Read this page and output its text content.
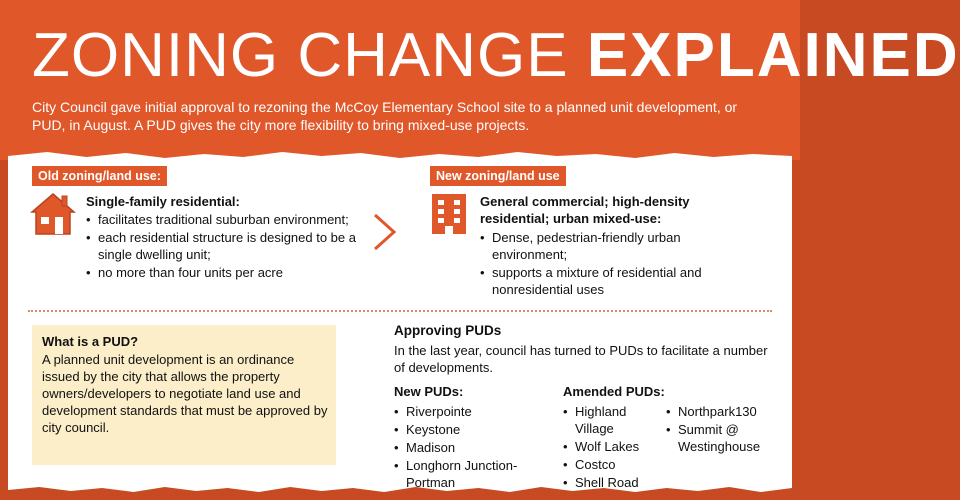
ZONING CHANGE EXPLAINED
City Council gave initial approval to rezoning the McCoy Elementary School site to a planned unit development, or PUD, in August. A PUD gives the city more flexibility to bring mixed-use projects.
Old zoning/land use:
Single-family residential:
• facilitates traditional suburban environment;
• each residential structure is designed to be a single dwelling unit;
• no more than four units per acre
New zoning/land use
General commercial; high-density residential; urban mixed-use:
• Dense, pedestrian-friendly urban environment;
• supports a mixture of residential and nonresidential uses
What is a PUD?
A planned unit development is an ordinance issued by the city that allows the property owners/developers to negotiate land use and development standards that must be approved by city council.
Approving PUDs
In the last year, council has turned to PUDs to facilitate a number of developments.
New PUDs:
• Riverpointe
• Keystone
• Madison
• Longhorn Junction-Portman
Amended PUDs:
• Highland Village
• Wolf Lakes
• Costco
• Shell Road
• Northpark130
• Summit @ Westinghouse
